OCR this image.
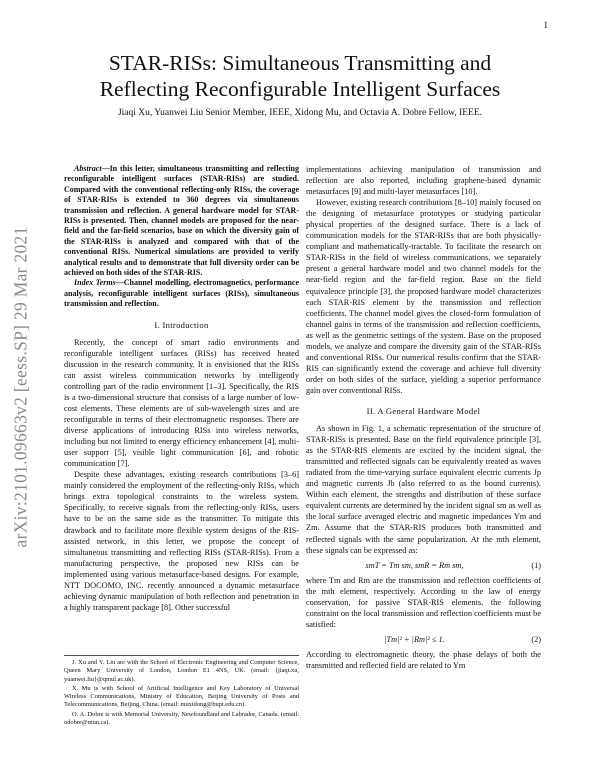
1
arXiv:2101.09663v2 [eess.SP] 29 Mar 2021
STAR-RISs: Simultaneous Transmitting and
Reflecting Reconfigurable Intelligent Surfaces
Jiaqi Xu, Yuanwei Liu Senior Member, IEEE, Xidong Mu, and Octavia A. Dobre Fellow, IEEE.

Abstract—In this letter, simultaneous transmitting and reflecting reconfigurable intelligent surfaces (STAR-RISs) are studied. Compared with the conventional reflecting-only RISs, the coverage of STAR-RISs is extended to 360 degrees via simultaneous transmission and reflection. A general hardware model for STAR-RISs is presented. Then, channel models are proposed for the near-field and the far-field scenarios, base on which the diversity gain of the STAR-RISs is analyzed and compared with that of the conventional RISs. Numerical simulations are provided to verify analytical results and to demonstrate that full diversity order can be achieved on both sides of the STAR-RIS.

Index Terms—Channel modelling, electromagnetics, performance analysis, reconfigurable intelligent surfaces (RISs), simultaneous transmission and reflection.

I. Introduction

Recently, the concept of smart radio environments and reconfigurable intelligent surfaces (RISs) has received heated discussion in the research community. It is envisioned that the RISs can assist wireless communication networks by intelligently controlling part of the radio environment [1–3]. Specifically, the RIS is a two-dimensional structure that consists of a large number of low-cost elements. These elements are of sub-wavelength sizes and are reconfigurable in terms of their electromagnetic responses. There are diverse applications of introducing RISs into wireless networks, including but not limited to energy efficiency enhancement [4], multi-user support [5], visible light communication [6], and robotic communication [7].

Despite these advantages, existing research contributions [3–6] mainly considered the employment of the reflecting-only RISs, which brings extra topological constraints to the wireless system. Specifically, to receive signals from the reflecting-only RISs, users have to be on the same side as the transmitter. To mitigate this drawback and to facilitate more flexible system designs of the RIS-assisted network, in this letter, we propose the concept of simultaneous transmitting and reflecting RISs (STAR-RISs). From a manufacturing perspective, the proposed new RISs can be implemented using various metasurface-based designs. For example, NTT DOCOMO, INC. recently announced a dynamic metasurface achieving dynamic manipulation of both reflection and penetration in a highly transparent package [8]. Other successful

J. Xu and Y. Liu are with the School of Electronic Engineering and Computer Science, Queen Mary University of London, London E1 4NS, UK. (email: {jiaqi.xu, yuanwei.liu}@qmul.ac.uk).

X. Mu is with School of Artificial Intelligence and Key Laboratory of Universal Wireless Communications, Ministry of Education, Beijing University of Posts and Telecommunications, Beijing, China. (email: muxidong@bupt.edu.cn).

O. A. Dobre is with Memorial University, Newfoundland and Labrador, Canada. (email: odobre@mun.ca).

implementations achieving manipulation of transmission and reflection are also reported, including graphene-based dynamic metasurfaces [9] and multi-layer metasurfaces [10].

However, existing research contributions [8–10] mainly focused on the designing of metasurface prototypes or studying particular physical properties of the designed surface. There is a lack of communication models for the STAR-RISs that are both physically-compliant and mathematically-tractable. To facilitate the research on STAR-RISs in the field of wireless communications, we separately present a general hardware model and two channel models for the near-field region and the far-field region. Base on the field equivalence principle [3], the proposed hardware model characterizes each STAR-RIS element by the transmission and reflection coefficients. The channel model gives the closed-form formulation of channel gains in terms of the transmission and reflection coefficients, as well as the geometric settings of the system. Base on the proposed models, we analyze and compare the diversity gain of the STAR-RISs and conventional RISs. Our numerical results confirm that the STAR-RIS can significantly extend the coverage and achieve full diversity order on both sides of the surface, yielding a superior performance gain over conventional RISs.

II. A General Hardware Model

As shown in Fig. 1, a schematic representation of the structure of STAR-RISs is presented. Base on the field equivalence principle [3], as the STAR-RIS elements are excited by the incident signal, the transmitted and reflected signals can be equivalently treated as waves radiated from the time-varying surface equivalent electric currents Jp and magnetic currents Jb (also referred to as the bound currents). Within each element, the strengths and distribution of these surface equivalent currents are determined by the incident signal sm as well as the local surface averaged electric and magnetic impedances Ym and Zm. Assume that the STAR-RIS produces both transmitted and reflected signals with the same popularization. At the mth element, these signals can be expressed as:

smT = Tm sm, smR = Rm sm,	(1)

where Tm and Rm are the transmission and reflection coefficients of the mth element, respectively. According to the law of energy conservation, for passive STAR-RIS elements, the following constraint on the local transmission and reflection coefficients must be satisfied:

|Tm|² + |Rm|² ≤ 1.	(2)

According to electromagnetic theory, the phase delays of both the transmitted and reflected field are related to Ym
